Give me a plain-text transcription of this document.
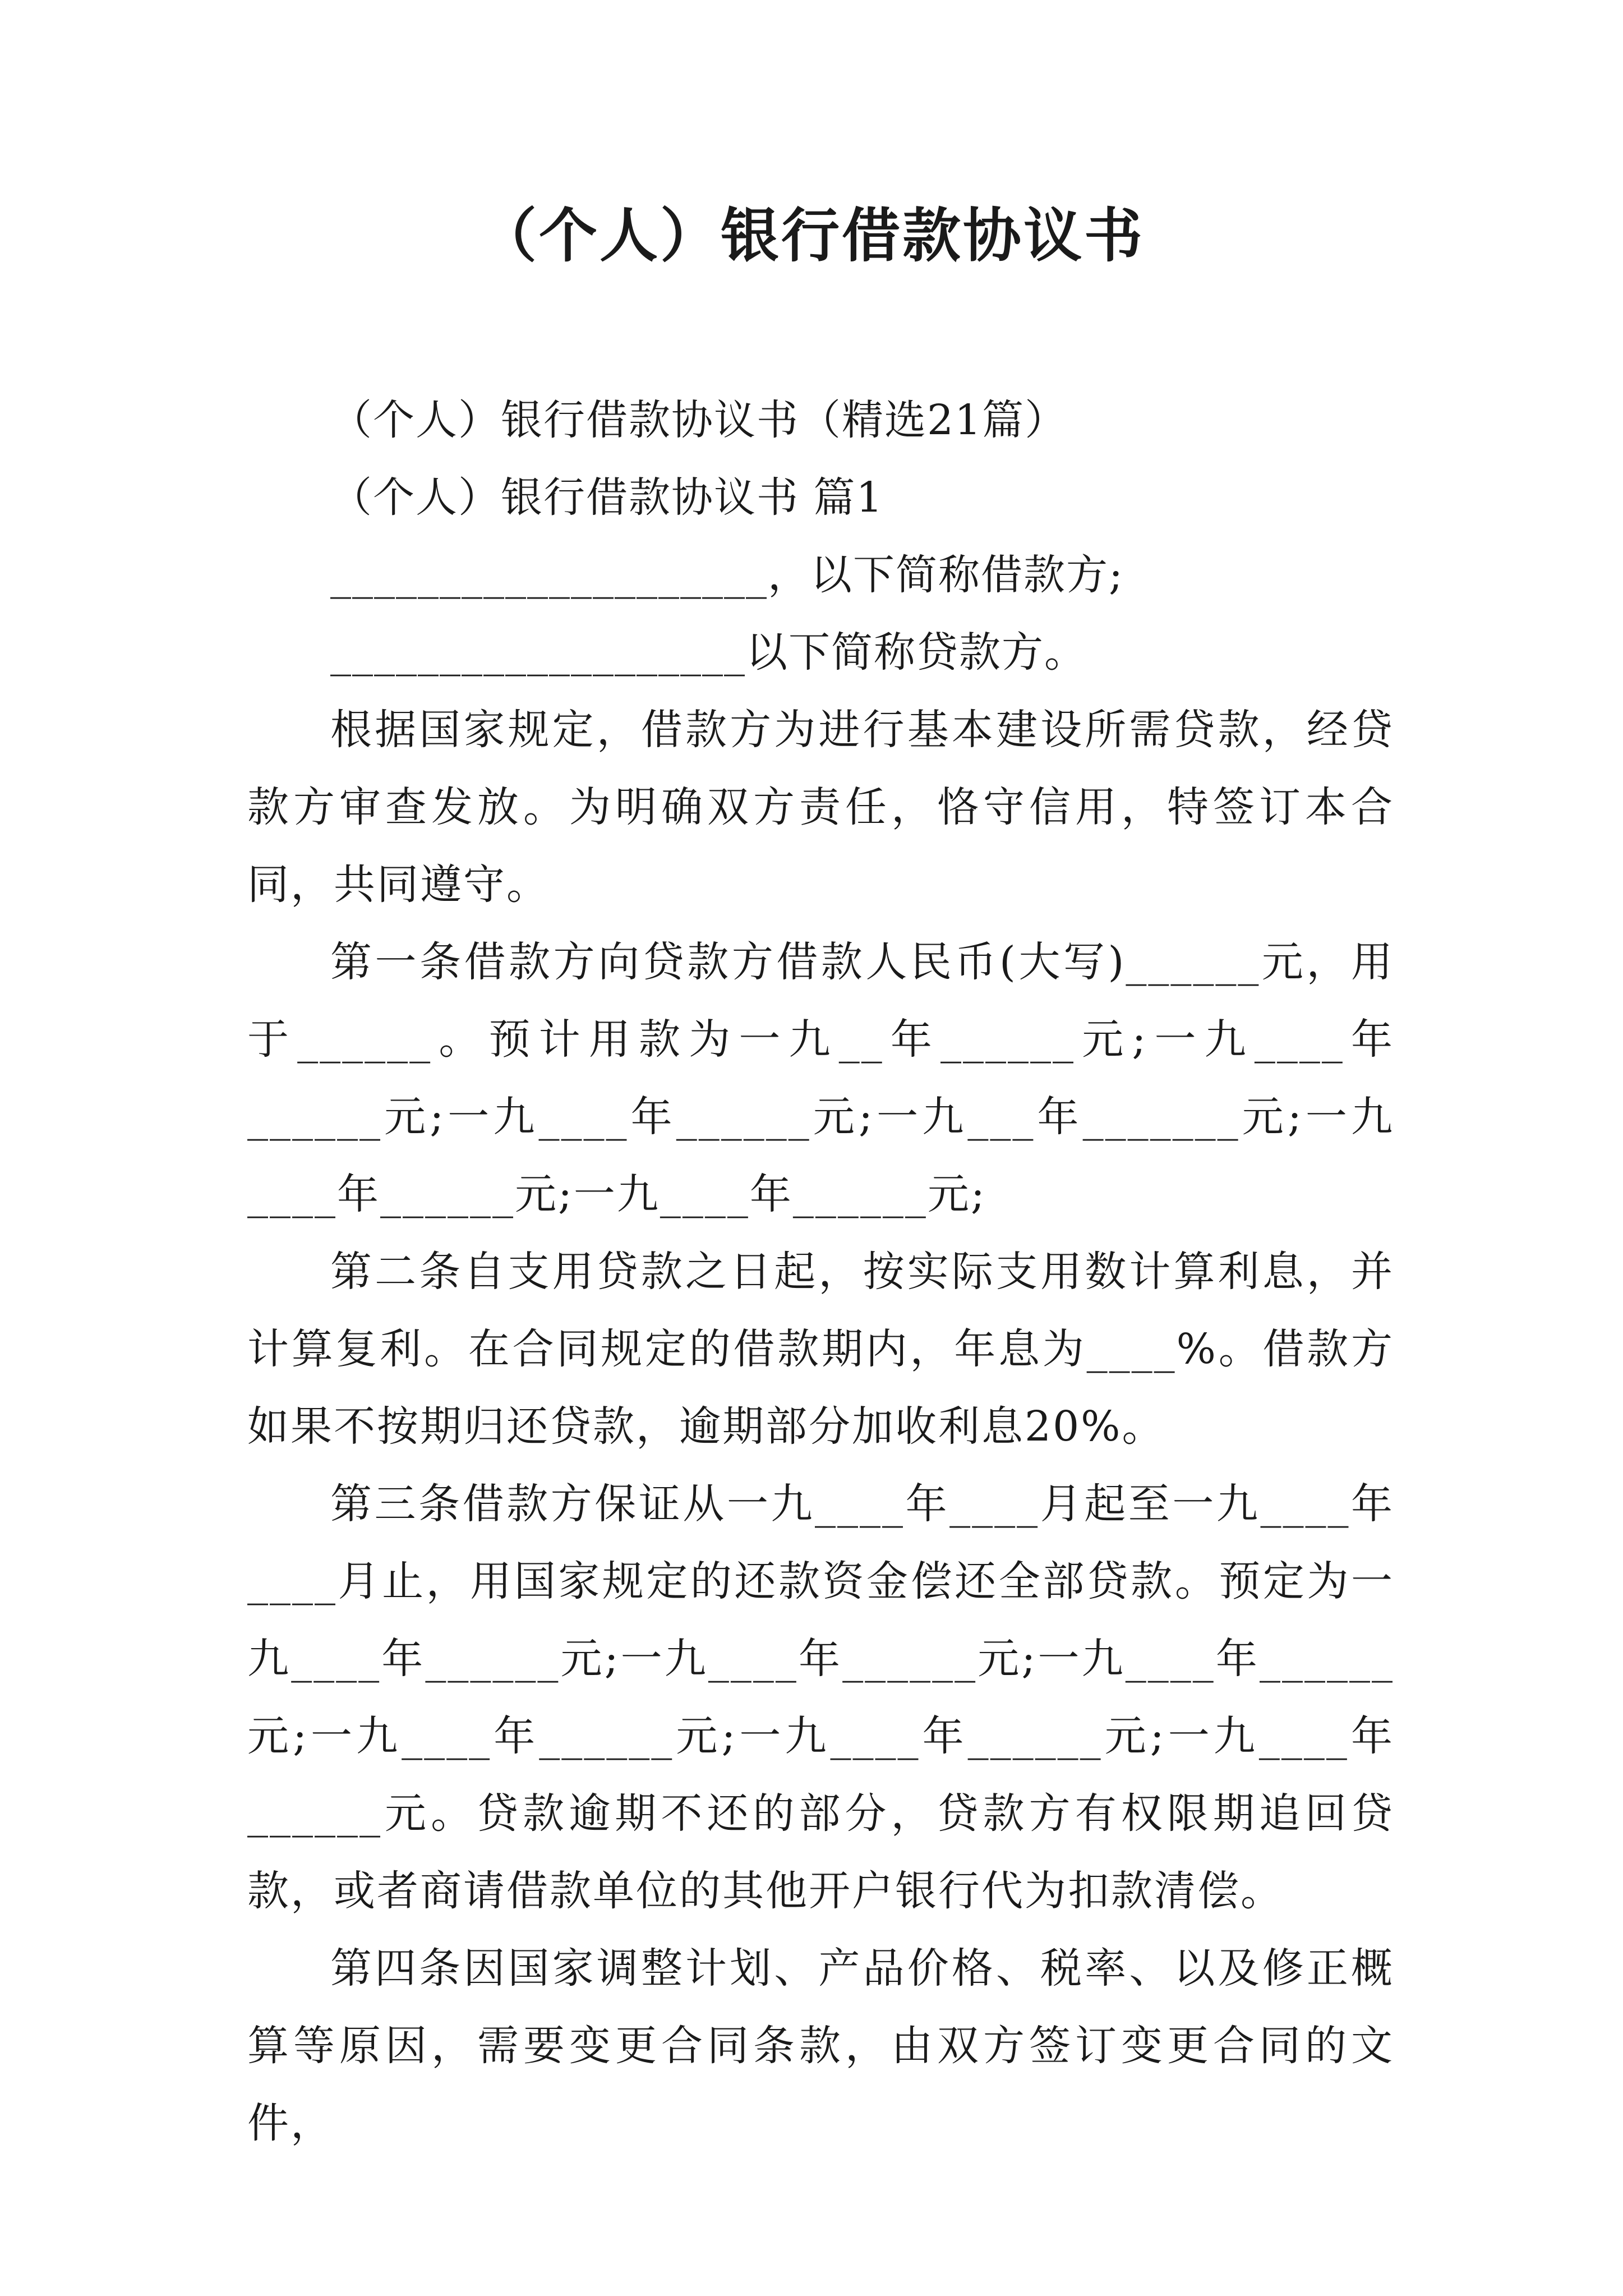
（个人）银行借款协议书

（个人）银行借款协议书（精选21篇）

（个人）银行借款协议书 篇1

____________________，以下简称借款方;

___________________以下简称贷款方。

根据国家规定，借款方为进行基本建设所需贷款，经贷款方审查发放。为明确双方责任，恪守信用，特签订本合同，共同遵守。

第一条借款方向贷款方借款人民币(大写)______元，用于______。预计用款为一九__年______元;一九____年______元;一九____年______元;一九___年_______元;一九____年______元;一九____年______元;

第二条自支用贷款之日起，按实际支用数计算利息，并计算复利。在合同规定的借款期内，年息为____%。借款方如果不按期归还贷款，逾期部分加收利息20%。

第三条借款方保证从一九____年____月起至一九____年____月止，用国家规定的还款资金偿还全部贷款。预定为一九____年______元;一九____年______元;一九____年______元;一九____年______元;一九____年______元;一九____年______元。贷款逾期不还的部分，贷款方有权限期追回贷款，或者商请借款单位的其他开户银行代为扣款清偿。

第四条因国家调整计划、产品价格、税率、以及修正概算等原因，需要变更合同条款，由双方签订变更合同的文件，
